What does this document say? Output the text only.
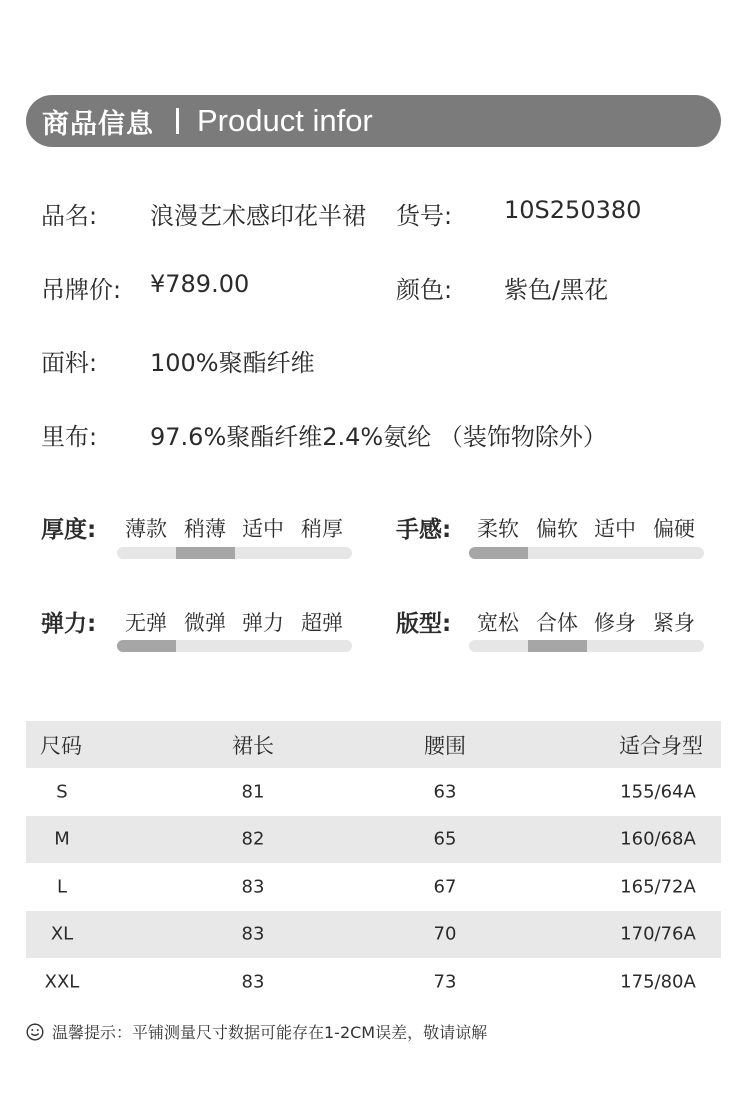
商品信息 Product infor
品名: 浪漫艺术感印花半裙 货号: 10S250380
吊牌价: ¥789.00	颜色: 紫色/黑花
面料: 100%聚酯纤维
里布: 97.6%聚酯纤维2.4%氨纶 （装饰物除外）
厚度: 薄款 稍薄 适中 稍厚 手感: 柔软 偏软 适中 偏硬
弹力: 无弹 微弹 弹力 超弹 版型: 宽松 合体 修身 紧身
尺码	裙长	腰围	适合身型
S	81	63	155/64A
M	82	65	160/68A
L	83	67	165/72A
XL	83	70	170/76A
XXL	83	73	175/80A
温馨提示：平铺测量尺寸数据可能存在1-2CM误差，敬请谅解
